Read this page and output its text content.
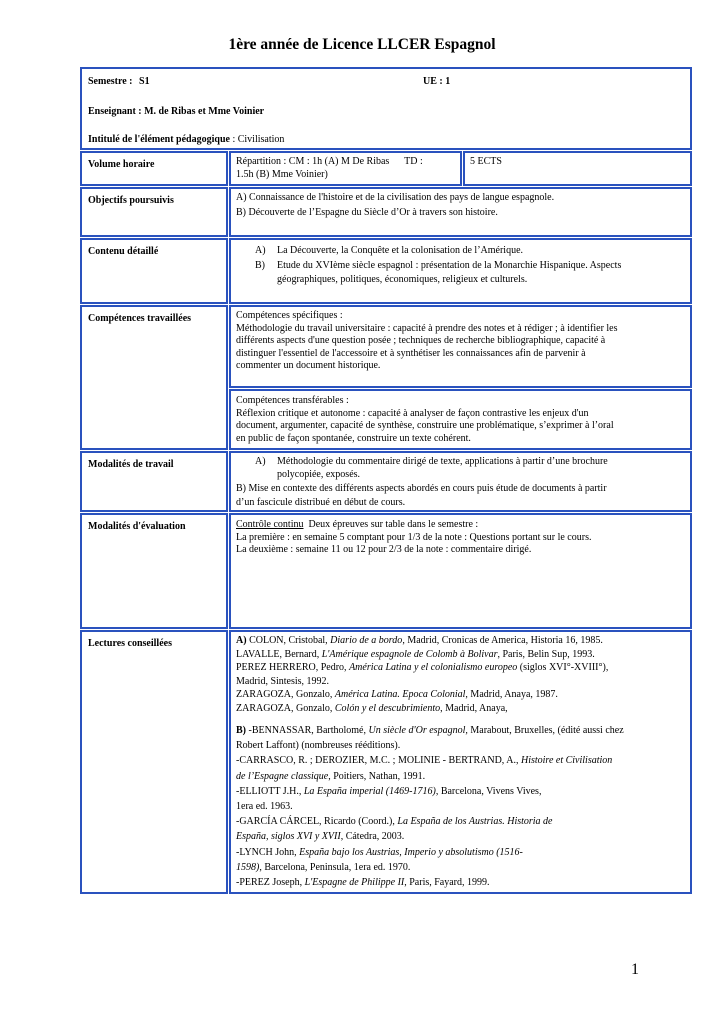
1ère année de Licence LLCER Espagnol
Semestre : S1	UE : 1
Enseignant : M. de Ribas et Mme Voinier
Intitulé de l'élément pédagogique : Civilisation
Volume horaire	Répartition : CM : 1h (A) M De Ribas      TD :
1.5h (B) Mme Voinier)
5 ECTS
Objectifs poursuivis	A) Connaissance de l'histoire et de la civilisation des pays de langue espagnole.
B) Découverte de l’Espagne du Siècle d’Or à travers son histoire.
Contenu détaillé	A)	La Découverte, la Conquête et la colonisation de l’Amérique.
B)	Etude du XVIème siècle espagnol : présentation de la Monarchie Hispanique. Aspects
géographiques, politiques, économiques, religieux et culturels.
Compétences travaillées	Compétences spécifiques :
Méthodologie du travail universitaire : capacité à prendre des notes et à rédiger ; à identifier les
différents aspects d'une question posée ; techniques de recherche bibliographique, capacité à
distinguer l'essentiel de l'accessoire et à synthétiser les connaissances afin de parvenir à
commenter un document historique.
Compétences transférables :
Réflexion critique et autonome : capacité à analyser de façon contrastive les enjeux d'un
document, argumenter, capacité de synthèse, construire une problématique, s’exprimer à l’oral
en public de façon spontanée, construire un texte cohérent.
Modalités de travail	A)	Méthodologie du commentaire dirigé de texte, applications à partir d’une brochure
polycopiée, exposés.
B) Mise en contexte des différents aspects abordés en cours puis étude de documents à partir
d’un fascicule distribué en début de cours.
Modalités d'évaluation	Contrôle continu  Deux épreuves sur table dans le semestre :
La première : en semaine 5 comptant pour 1/3 de la note : Questions portant sur le cours.
La deuxième : semaine 11 ou 12 pour 2/3 de la note : commentaire dirigé.
Lectures conseillées	A) COLON, Cristobal, Diario de a bordo, Madrid, Cronicas de America, Historia 16, 1985.
LAVALLE, Bernard, L'Amérique espagnole de Colomb à Bolivar, Paris, Belin Sup, 1993.
PEREZ HERRERO, Pedro, América Latina y el colonialismo europeo (siglos XVI°-XVIII°),
Madrid, Sintesis, 1992.
ZARAGOZA, Gonzalo, América Latina. Epoca Colonial, Madrid, Anaya, 1987.
ZARAGOZA, Gonzalo, Colón y el descubrimiento, Madrid, Anaya,
B) -BENNASSAR, Bartholomé, Un siècle d'Or espagnol, Marabout, Bruxelles, (édité aussi chez
Robert Laffont) (nombreuses rééditions).
-CARRASCO, R. ; DEROZIER, M.C. ; MOLINIE - BERTRAND, A., Histoire et Civilisation
de l’Espagne classique, Poitiers, Nathan, 1991.
-ELLIOTT J.H., La España imperial (1469-1716), Barcelona, Vivens Vives,
1era ed. 1963.
-GARCÍA CÁRCEL, Ricardo (Coord.), La España de los Austrias. Historia de
España, siglos XVI y XVII, Cátedra, 2003.
-LYNCH John, España bajo los Austrias, Imperio y absolutismo (1516-
1598), Barcelona, Peninsula, 1era ed. 1970.
-PEREZ Joseph, L'Espagne de Philippe II, Paris, Fayard, 1999.
1
